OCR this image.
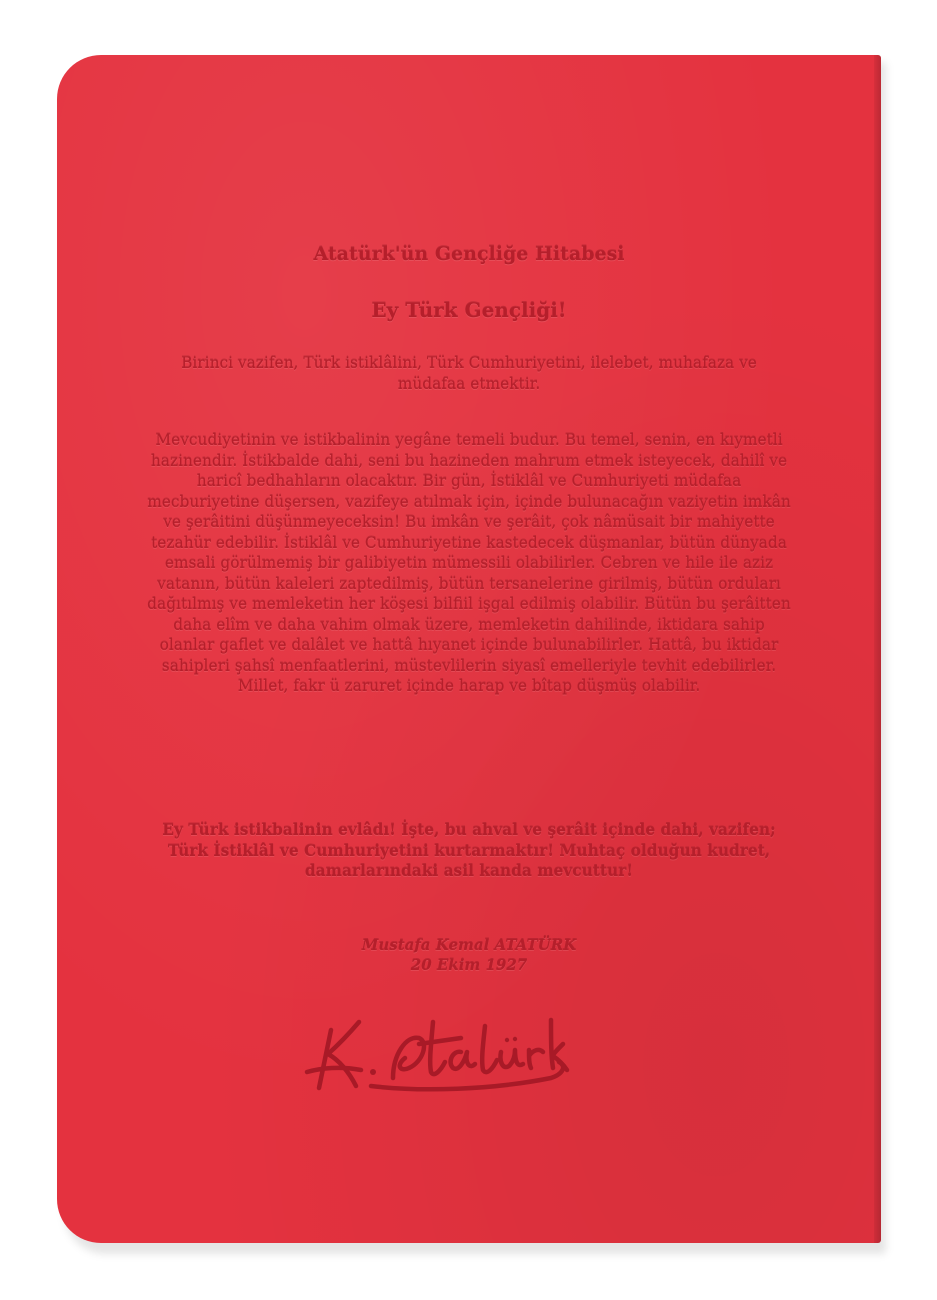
Atatürk'ün Gençliğe Hitabesi
Ey Türk Gençliği!

Birinci vazifen, Türk istiklâlini, Türk Cumhuriyetini, ilelebet, muhafaza ve müdafaa etmektir.

Mevcudiyetinin ve istikbalinin yegâne temeli budur. Bu temel, senin, en kıymetli hazinendir. İstikbalde dahi, seni bu hazineden mahrum etmek isteyecek, dahilî ve haricî bedhahların olacaktır. Bir gün, İstiklâl ve Cumhuriyeti müdafaa mecburiyetine düşersen, vazifeye atılmak için, içinde bulunacağın vaziyetin imkân ve şerâitini düşünmeyeceksin! Bu imkân ve şerâit, çok nâmüsait bir mahiyette tezahür edebilir. İstiklâl ve Cumhuriyetine kastedecek düşmanlar, bütün dünyada emsali görülmemiş bir galibiyetin mümessili olabilirler. Cebren ve hile ile aziz vatanın, bütün kaleleri zaptedilmiş, bütün tersanelerine girilmiş, bütün orduları dağıtılmış ve memleketin her köşesi bilfiil işgal edilmiş olabilir. Bütün bu şerâitten daha elîm ve daha vahim olmak üzere, memleketin dahilinde, iktidara sahip olanlar gaflet ve dalâlet ve hattâ hıyanet içinde bulunabilirler. Hattâ, bu iktidar sahipleri şahsî menfaatlerini, müstevlilerin siyasî emelleriyle tevhit edebilirler. Millet, fakr ü zaruret içinde harap ve bîtap düşmüş olabilir.

Ey Türk istikbalinin evlâdı! İşte, bu ahval ve şerâit içinde dahi, vazifen; Türk İstiklâl ve Cumhuriyetini kurtarmaktır! Muhtaç olduğun kudret, damarlarındaki asil kanda mevcuttur!

Mustafa Kemal ATATÜRK
20 Ekim 1927
